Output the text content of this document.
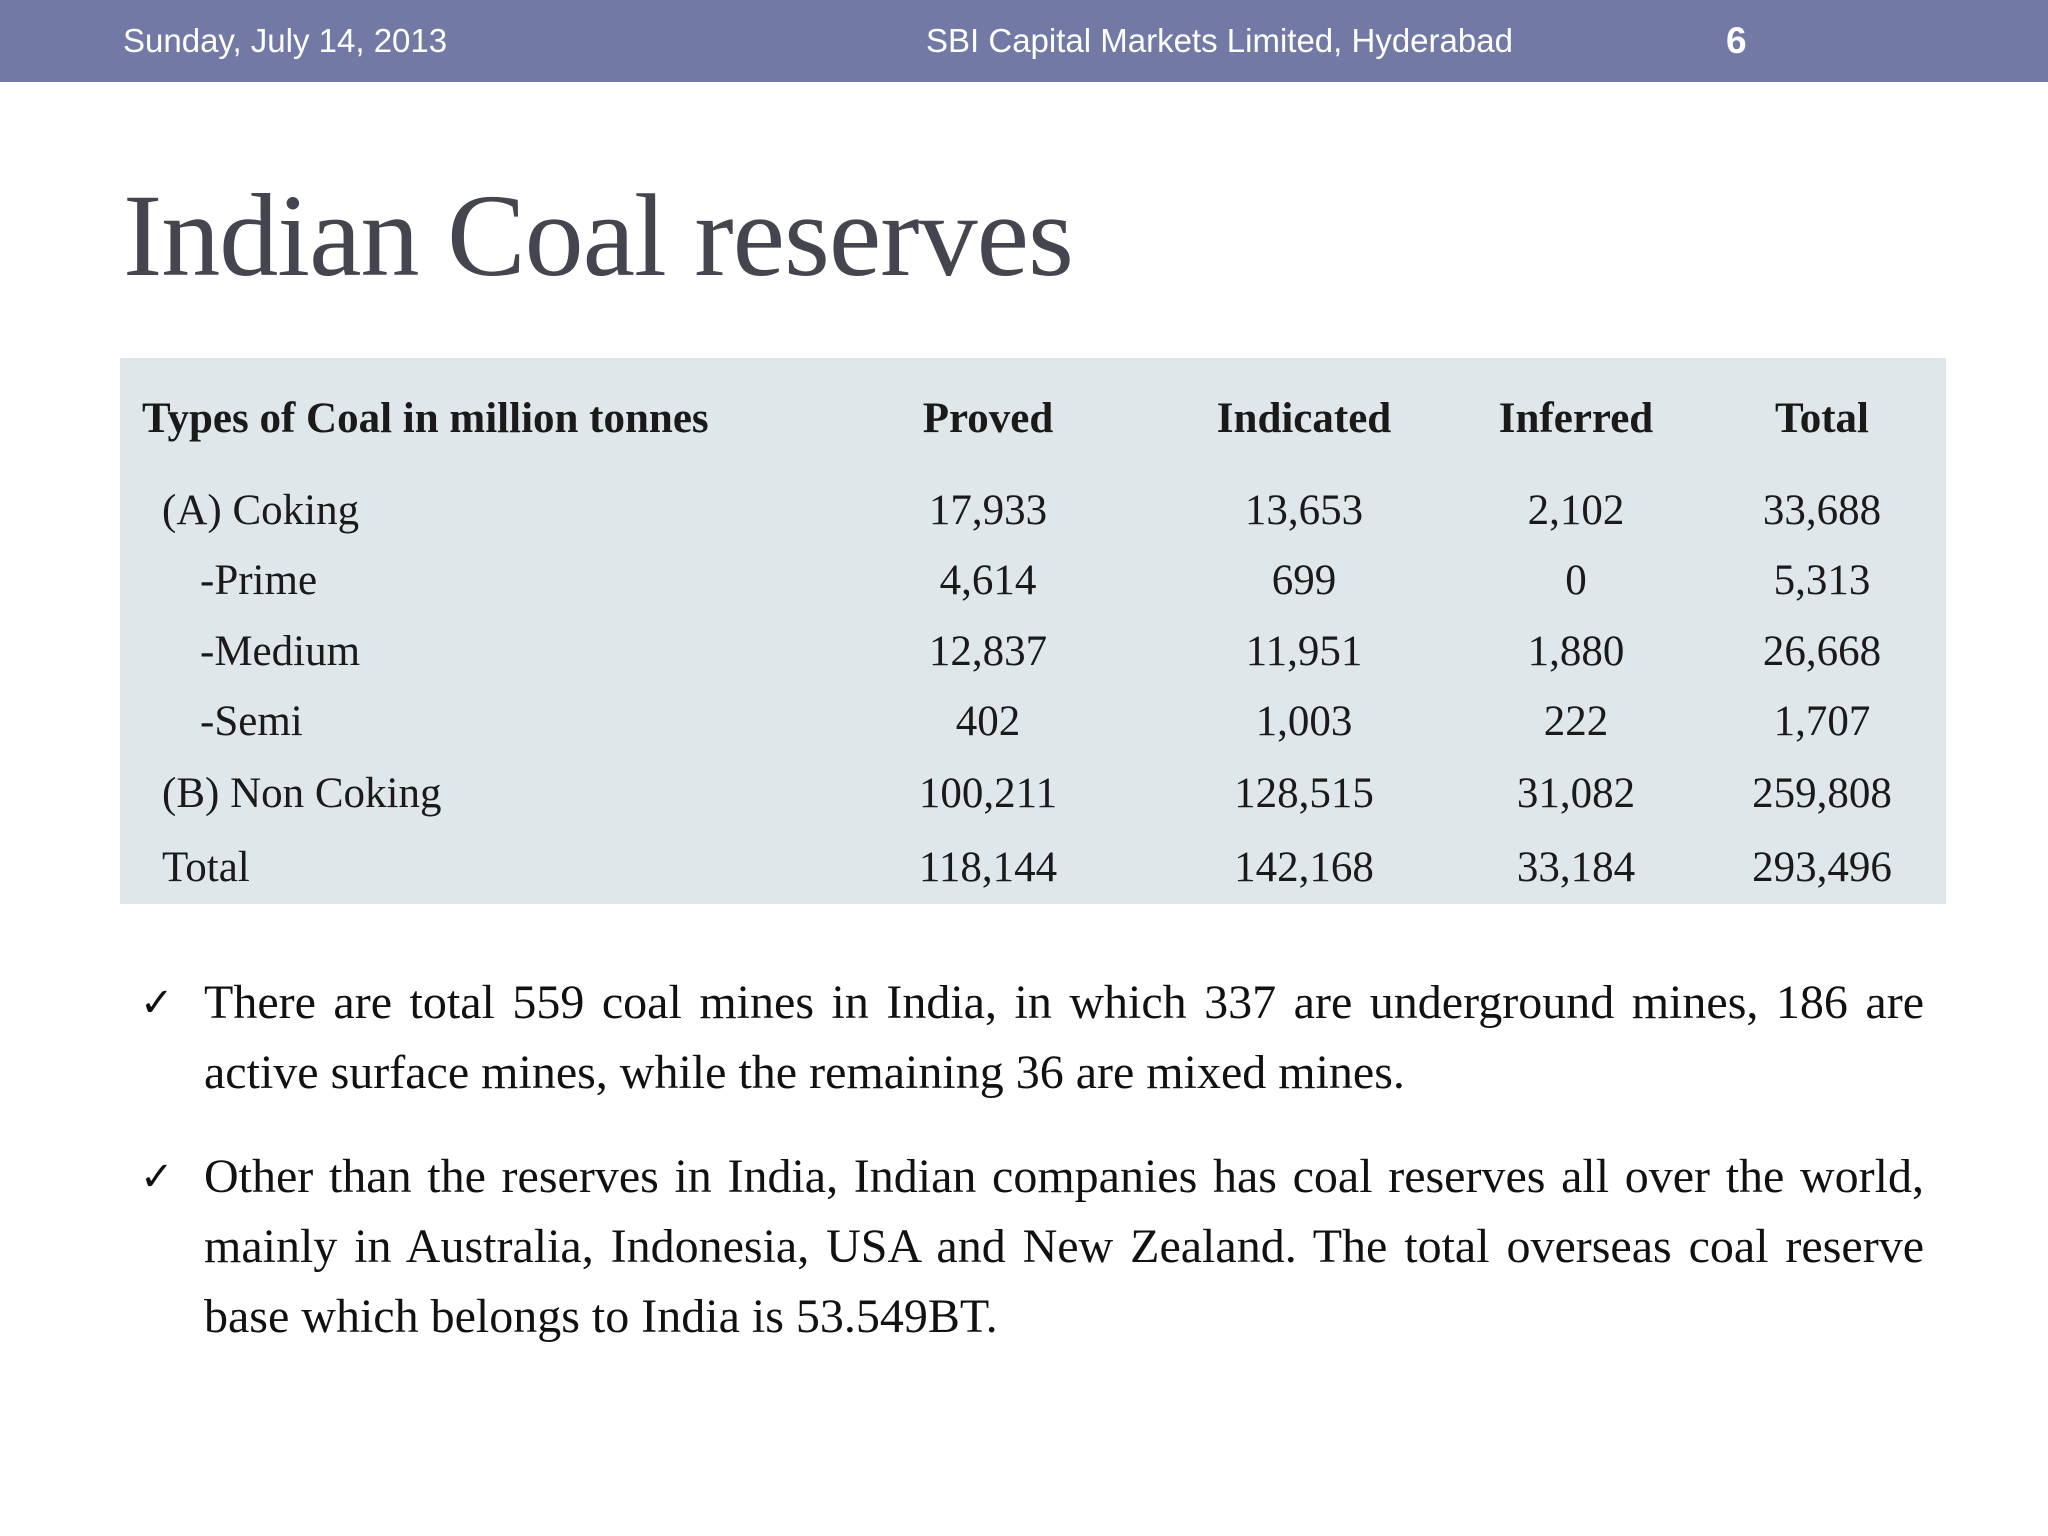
Sunday, July 14, 2013	SBI Capital Markets Limited, Hyderabad	6
Indian Coal reserves
Types of Coal in million tonnes	Proved	Indicated	Inferred	Total
(A) Coking	17,933	13,653	2,102	33,688
-Prime	4,614	699	0	5,313
-Medium	12,837	11,951	1,880	26,668
-Semi	402	1,003	222	1,707
(B) Non Coking	100,211	128,515	31,082	259,808
Total	118,144	142,168	33,184	293,496
✓ There are total 559 coal mines in India, in which 337 are underground mines, 186 are active surface mines, while the remaining 36 are mixed mines.
✓ Other than the reserves in India, Indian companies has coal reserves all over the world, mainly in Australia, Indonesia, USA and New Zealand. The total overseas coal reserve base which belongs to India is 53.549BT.
